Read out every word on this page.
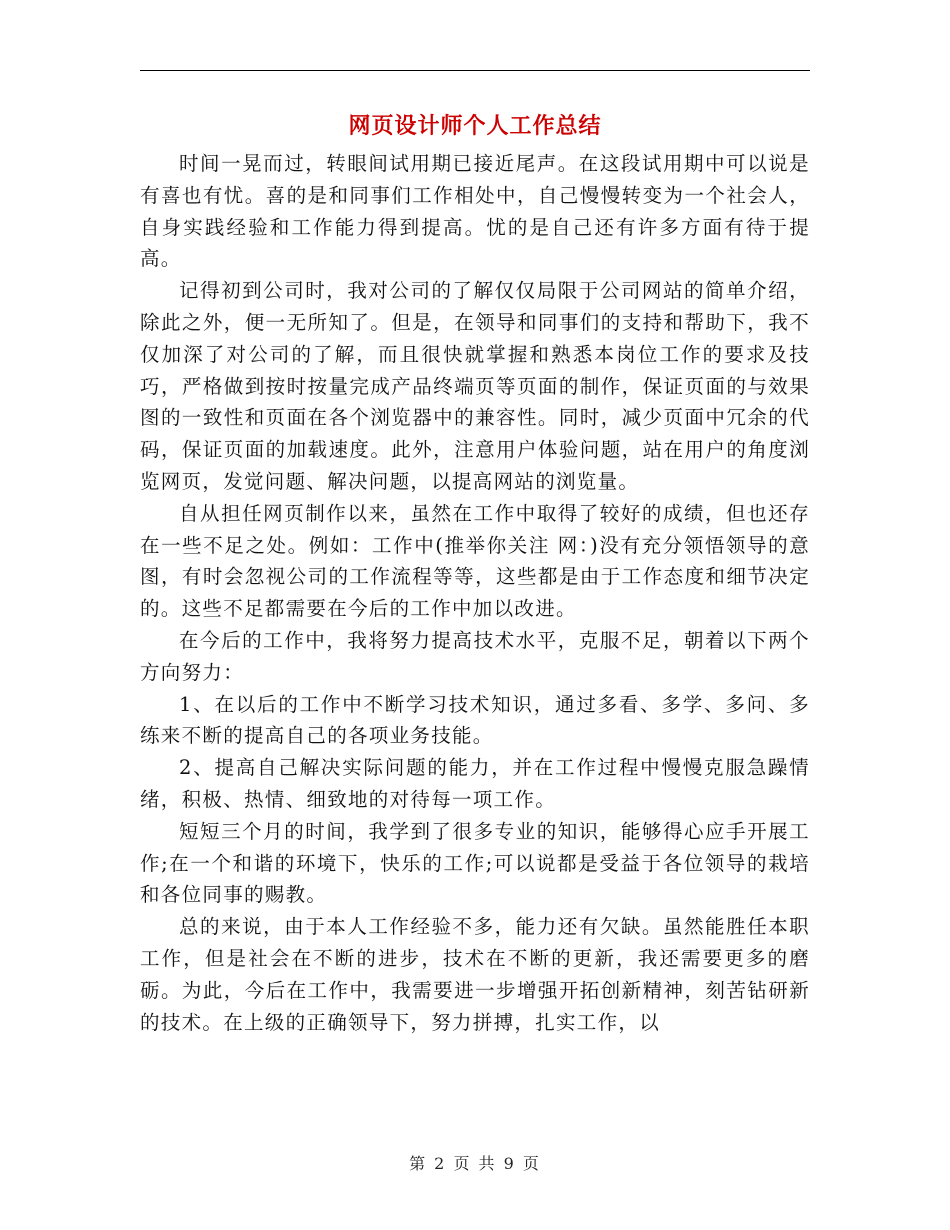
网页设计师个人工作总结

时间一晃而过，转眼间试用期已接近尾声。在这段试用期中可以说是有喜也有忧。喜的是和同事们工作相处中，自己慢慢转变为一个社会人，自身实践经验和工作能力得到提高。忧的是自己还有许多方面有待于提高。

记得初到公司时，我对公司的了解仅仅局限于公司网站的简单介绍，除此之外，便一无所知了。但是，在领导和同事们的支持和帮助下，我不仅加深了对公司的了解，而且很快就掌握和熟悉本岗位工作的要求及技巧，严格做到按时按量完成产品终端页等页面的制作，保证页面的与效果图的一致性和页面在各个浏览器中的兼容性。同时，减少页面中冗余的代码，保证页面的加载速度。此外，注意用户体验问题，站在用户的角度浏览网页，发觉问题、解决问题，以提高网站的浏览量。

自从担任网页制作以来，虽然在工作中取得了较好的成绩，但也还存在一些不足之处。例如：工作中(推举你关注 网：)没有充分领悟领导的意图，有时会忽视公司的工作流程等等，这些都是由于工作态度和细节决定的。这些不足都需要在今后的工作中加以改进。

在今后的工作中，我将努力提高技术水平，克服不足，朝着以下两个方向努力：

1、在以后的工作中不断学习技术知识，通过多看、多学、多问、多练来不断的提高自己的各项业务技能。

2、提高自己解决实际问题的能力，并在工作过程中慢慢克服急躁情绪，积极、热情、细致地的对待每一项工作。

短短三个月的时间，我学到了很多专业的知识，能够得心应手开展工作;在一个和谐的环境下，快乐的工作;可以说都是受益于各位领导的栽培和各位同事的赐教。

总的来说，由于本人工作经验不多，能力还有欠缺。虽然能胜任本职工作，但是社会在不断的进步，技术在不断的更新，我还需要更多的磨砺。为此，今后在工作中，我需要进一步增强开拓创新精神，刻苦钻研新的技术。在上级的正确领导下，努力拼搏，扎实工作，以

第 2 页 共 9 页
